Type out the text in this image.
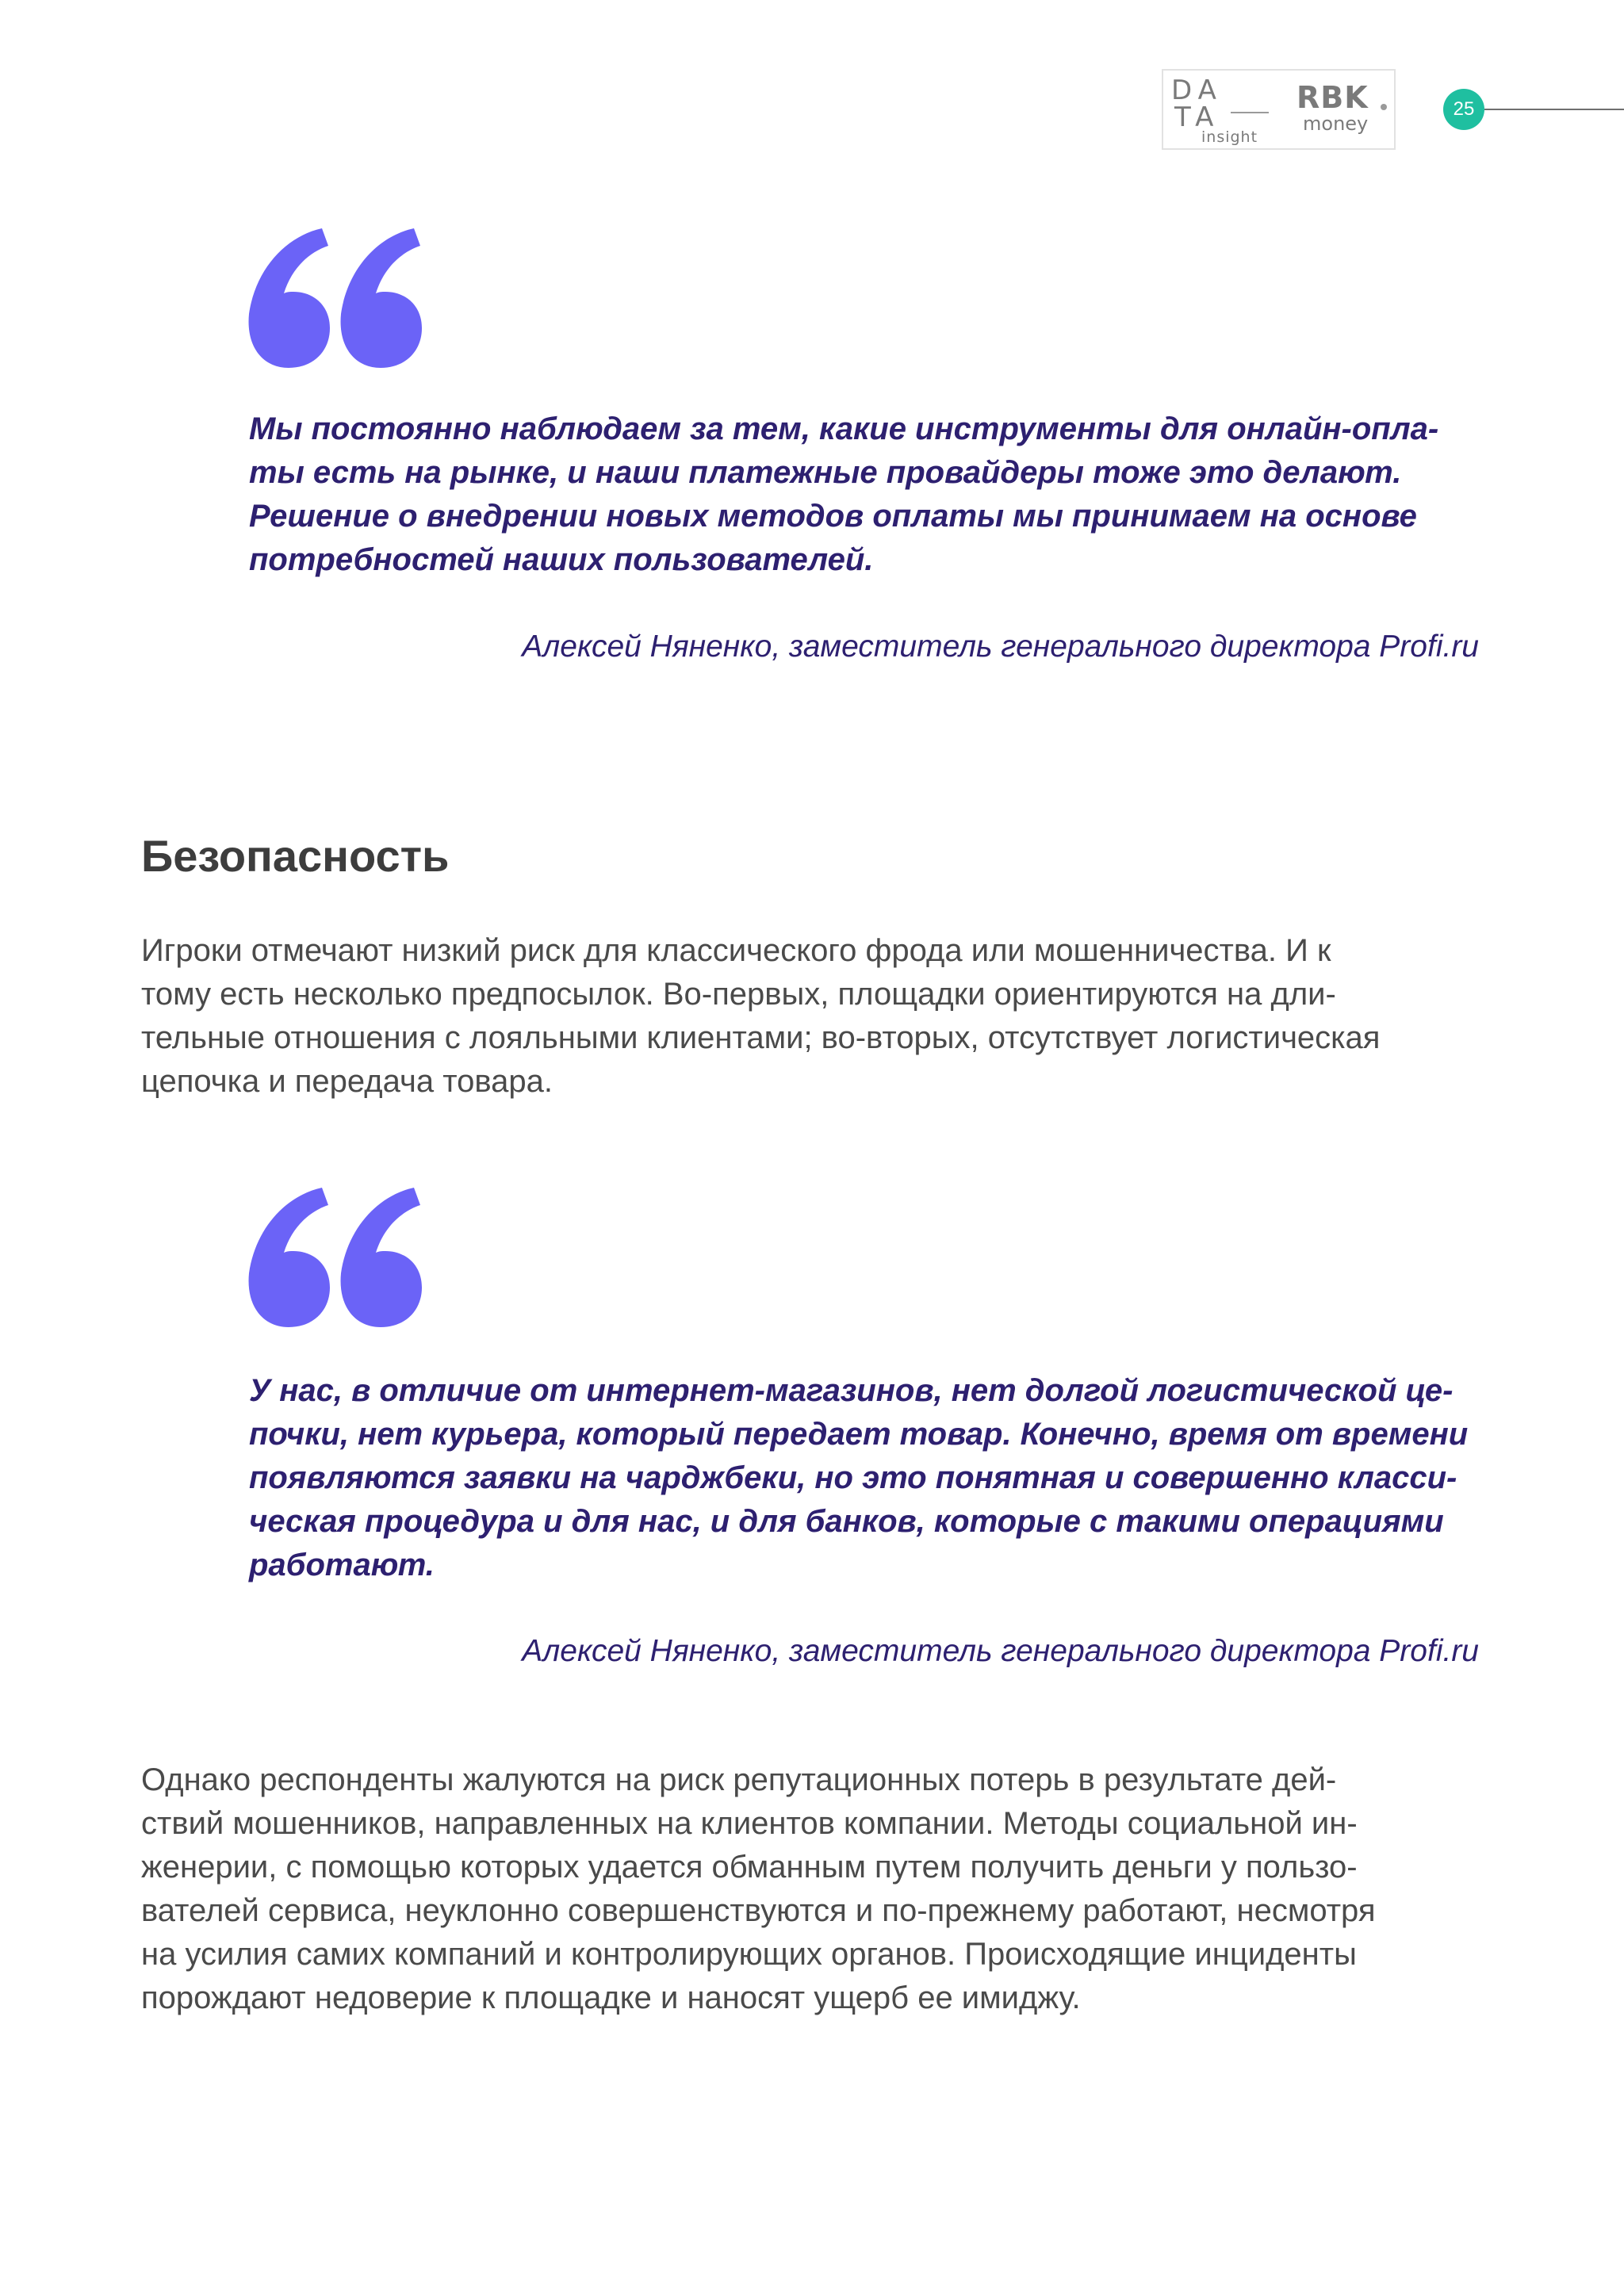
DA
TA
insight
RBK
money
25
Мы постоянно наблюдаем за тем, какие инструменты для онлайн-опла-
ты есть на рынке, и наши платежные провайдеры тоже это делают.
Решение о внедрении новых методов оплаты мы принимаем на основе
потребностей наших пользователей.
Алексей Няненко, заместитель генерального директора Profi.ru
Безопасность
Игроки отмечают низкий риск для классического фрода или мошенничества. И к
тому есть несколько предпосылок. Во-первых, площадки ориентируются на дли-
тельные отношения с лояльными клиентами; во-вторых, отсутствует логистическая
цепочка и передача товара.
У нас, в отличие от интернет-магазинов, нет долгой логистической це-
почки, нет курьера, который передает товар. Конечно, время от времени
появляются заявки на чарджбеки, но это понятная и совершенно класси-
ческая процедура и для нас, и для банков, которые с такими операциями
работают.
Алексей Няненко, заместитель генерального директора Profi.ru
Однако респонденты жалуются на риск репутационных потерь в результате дей-
ствий мошенников, направленных на клиентов компании. Методы социальной ин-
женерии, с помощью которых удается обманным путем получить деньги у пользо-
вателей сервиса, неуклонно совершенствуются и по-прежнему работают, несмотря
на усилия самих компаний и контролирующих органов. Происходящие инциденты
порождают недоверие к площадке и наносят ущерб ее имиджу.
